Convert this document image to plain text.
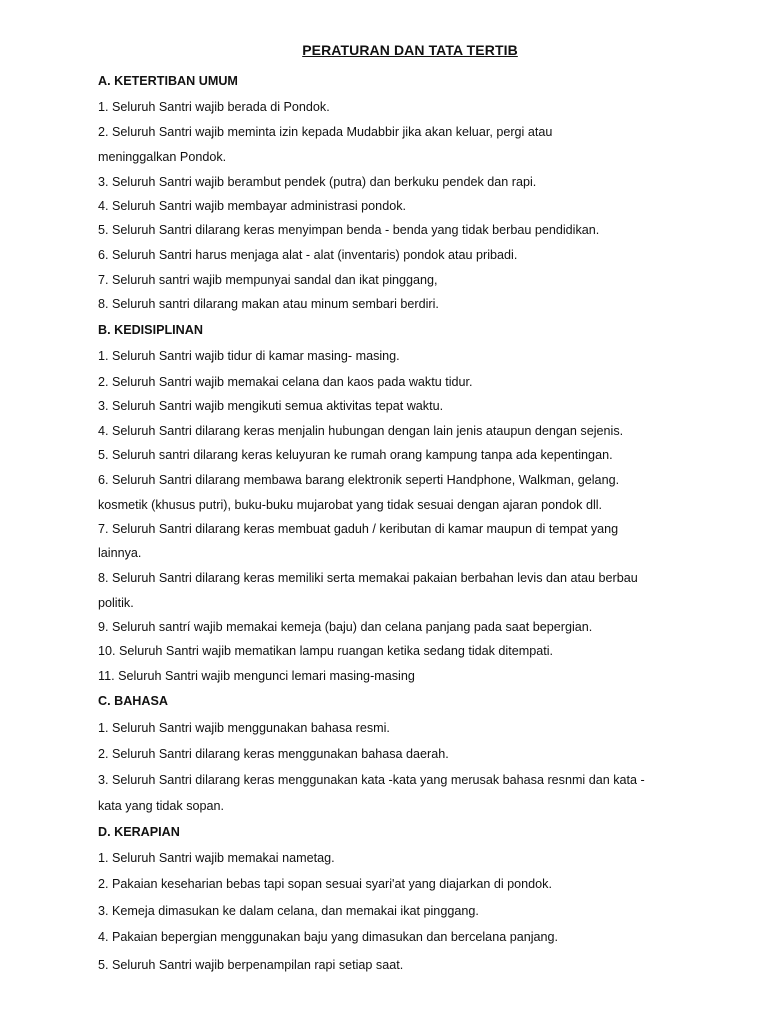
PERATURAN DAN TATA TERTIB
A. KETERTIBAN UMUM
1. Seluruh Santri wajib berada di Pondok.
2. Seluruh Santri wajib meminta izin kepada Mudabbir jika akan keluar, pergi atau
meninggalkan Pondok.
3. Seluruh Santri wajib berambut pendek (putra) dan berkuku pendek dan rapi.
4. Seluruh Santri wajib membayar administrasi pondok.
5. Seluruh Santri dilarang keras menyimpan benda - benda yang tidak berbau pendidikan.
6. Seluruh Santri harus menjaga alat - alat (inventaris) pondok atau pribadi.
7. Seluruh santri wajib mempunyai sandal dan ikat pinggang,
8. Seluruh santri dilarang makan atau minum sembari berdiri.
B. KEDISIPLINAN
1. Seluruh Santri wajib tidur di kamar masing- masing.
2. Seluruh Santri wajib memakai celana dan kaos pada waktu tidur.
3. Seluruh Santri wajib mengikuti semua aktivitas tepat waktu.
4. Seluruh Santri dilarang keras menjalin hubungan dengan lain jenis ataupun dengan sejenis.
5. Seluruh santri dilarang keras keluyuran ke rumah orang kampung tanpa ada kepentingan.
6. Seluruh Santri dilarang membawa barang elektronik seperti Handphone, Walkman, gelang.
kosmetik (khusus putri), buku-buku mujarobat yang tidak sesuai dengan ajaran pondok dll.
7. Seluruh Santri dilarang keras membuat gaduh / keributan di kamar maupun di tempat yang
lainnya.
8. Seluruh Santri dilarang keras memiliki serta memakai pakaian berbahan levis dan atau berbau
politik.
9. Seluruh santrí wajib memakai kemeja (baju) dan celana panjang pada saat bepergian.
10. Seluruh Santri wajib mematikan lampu ruangan ketika sedang tidak ditempati.
11. Seluruh Santri wajib mengunci lemari masing-masing
C. BAHASA
1. Seluruh Santri wajib menggunakan bahasa resmi.
2. Seluruh Santri dilarang keras menggunakan bahasa daerah.
3. Seluruh Santri dilarang keras menggunakan kata -kata yang merusak bahasa resnmi dan kata -
kata yang tidak sopan.
D. KERAPIAN
1. Seluruh Santri wajib memakai nametag.
2. Pakaian keseharian bebas tapi sopan sesuai syari'at yang diajarkan di pondok.
3. Kemeja dimasukan ke dalam celana, dan memakai ikat pinggang.
4. Pakaian bepergian menggunakan baju yang dimasukan dan bercelana panjang.
5. Seluruh Santri wajib berpenampilan rapi setiap saat.
